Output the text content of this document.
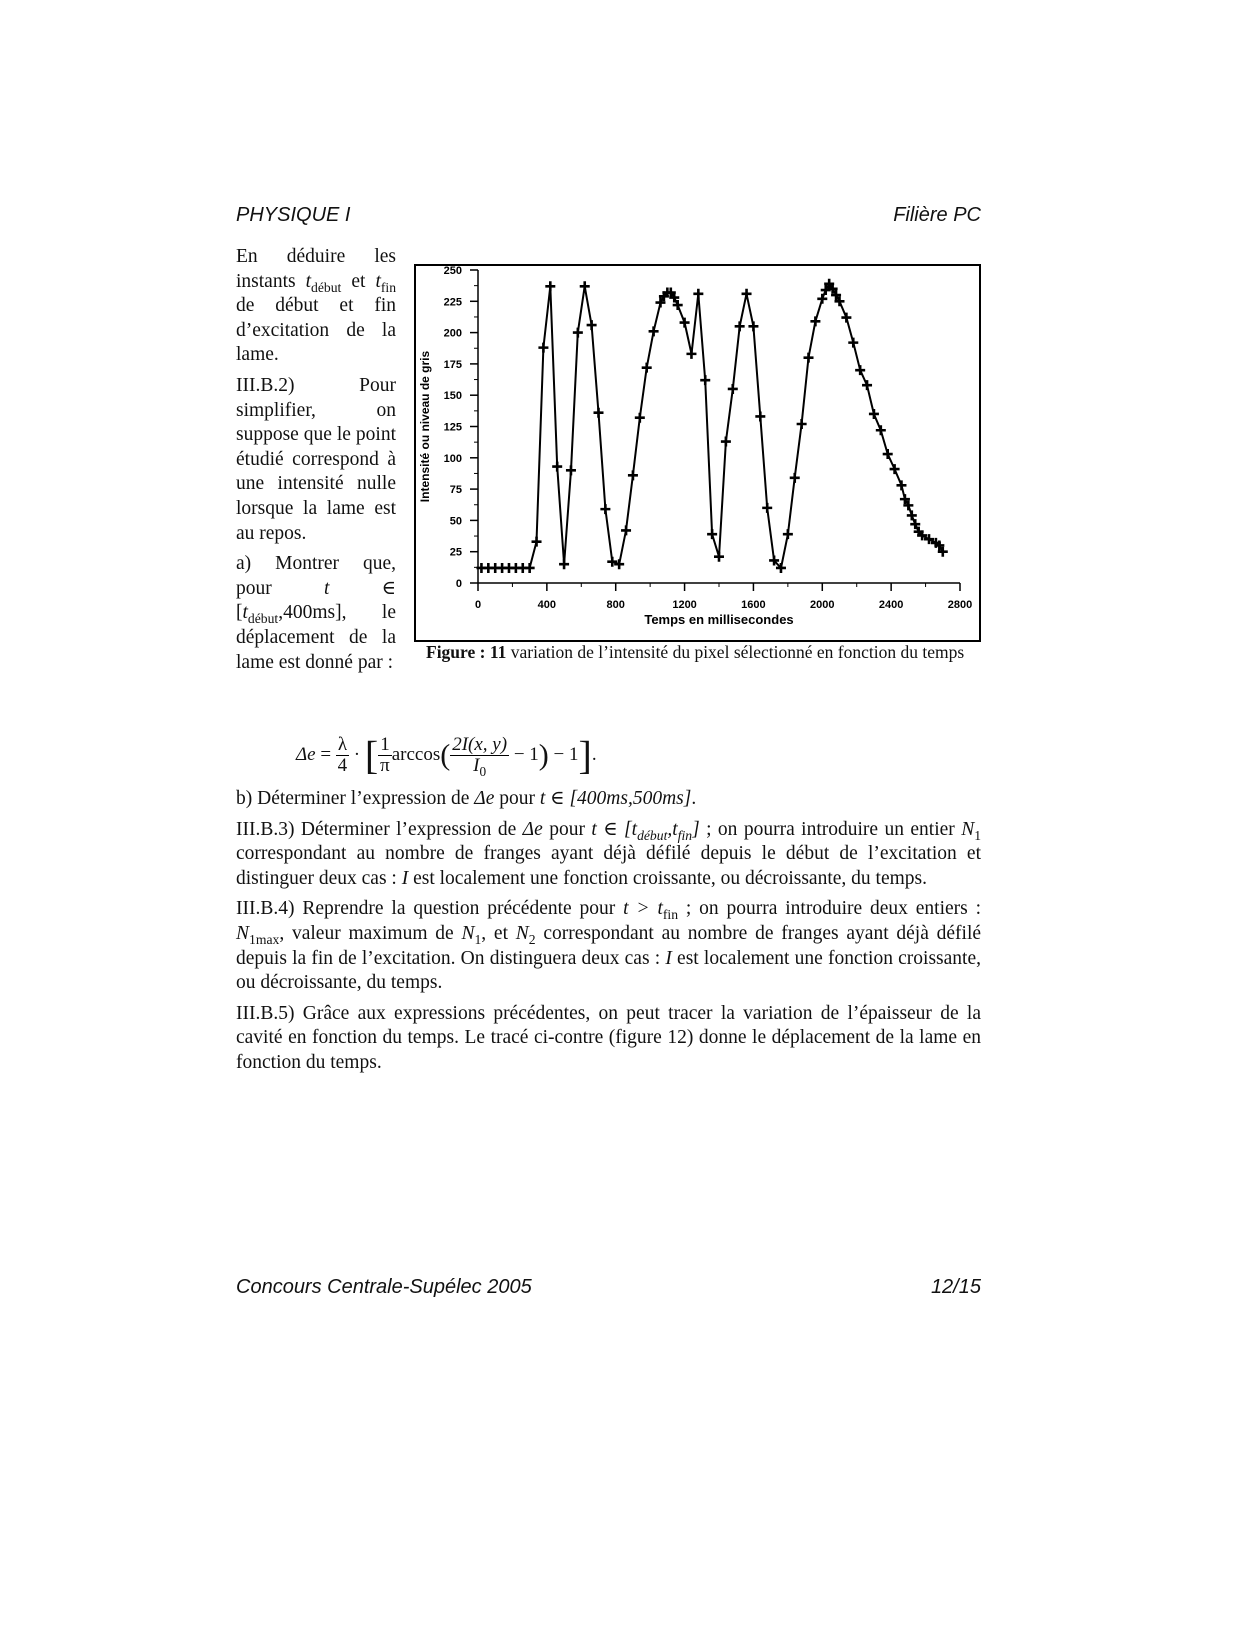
PHYSIQUE I	Filière PC

En déduire les instants $t_{début}$ et $t_{fin}$ de début et fin d’excitation de la lame.

III.B.2) Pour simplifier, on suppose que le point étudié correspond à une intensité nulle lorsque la lame est au repos.

a) Montrer que, pour	t	∈ $[t_{début},400ms]$, le déplacement de la lame est donné par :

0
25
50
75
100
125
150
175
200
225
250
0	400	800	1200	1600	2000	2400	2800
Temps en millisecondes
Intensité ou niveau de gris
Figure : 11 variation de l’intensité du pixel sélectionné en fonction du temps
$\Delta e = \frac{\lambda}{4}$ · [ $\frac{1}{\pi} \arccos( \frac{2I(x, y)}{I_0} - 1) - 1$].

b) Déterminer l’expression de Δe pour t ∈ [400ms,500ms].

III.B.3) Déterminer l’expression de Δe pour t ∈ $[t_{début},t_{fin}]$ ; on pourra introduire un entier $N_1$ correspondant au nombre de franges ayant déjà défilé depuis le début de l’excitation et distinguer deux cas : I est localement une fonction croissante, ou décroissante, du temps.

III.B.4) Reprendre la question précédente pour $t > t_{fin}$ ; on pourra introduire deux entiers : $N_{1max}$, valeur maximum de $N_1$, et $N_2$ correspondant au nombre de franges ayant déjà défilé depuis la fin de l’excitation. On distinguera deux cas : I est localement une fonction croissante, ou décroissante, du temps.

III.B.5) Grâce aux expressions précédentes, on peut tracer la variation de l’épaisseur de la cavité en fonction du temps. Le tracé ci-contre (figure 12) donne le déplacement de la lame en fonction du temps.

Concours Centrale-Supélec 2005	12/15
